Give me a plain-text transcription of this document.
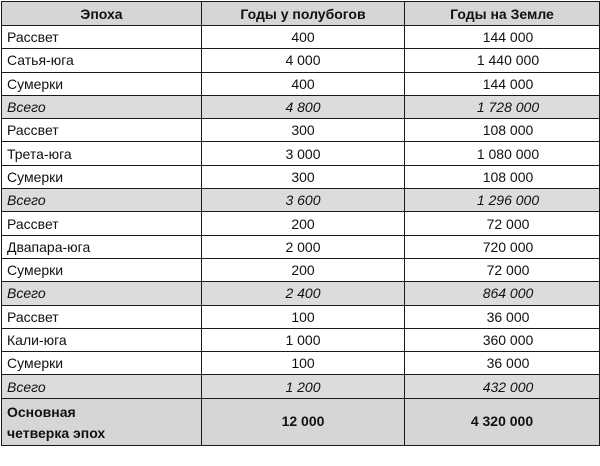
Эпоха	Годы у полубогов	Годы на Земле
Рассвет	400	144 000
Сатья-юга	4 000	1 440 000
Сумерки	400	144 000
Всего	4 800	1 728 000
Рассвет	300	108 000
Трета-юга	3 000	1 080 000
Сумерки	300	108 000
Всего	3 600	1 296 000
Рассвет	200	72 000
Двапара-юга	2 000	720 000
Сумерки	200	72 000
Всего	2 400	864 000
Рассвет	100	36 000
Кали-юга	1 000	360 000
Сумерки	100	36 000
Всего	1 200	432 000

Основная
четверка эпох	12 000	4 320 000
